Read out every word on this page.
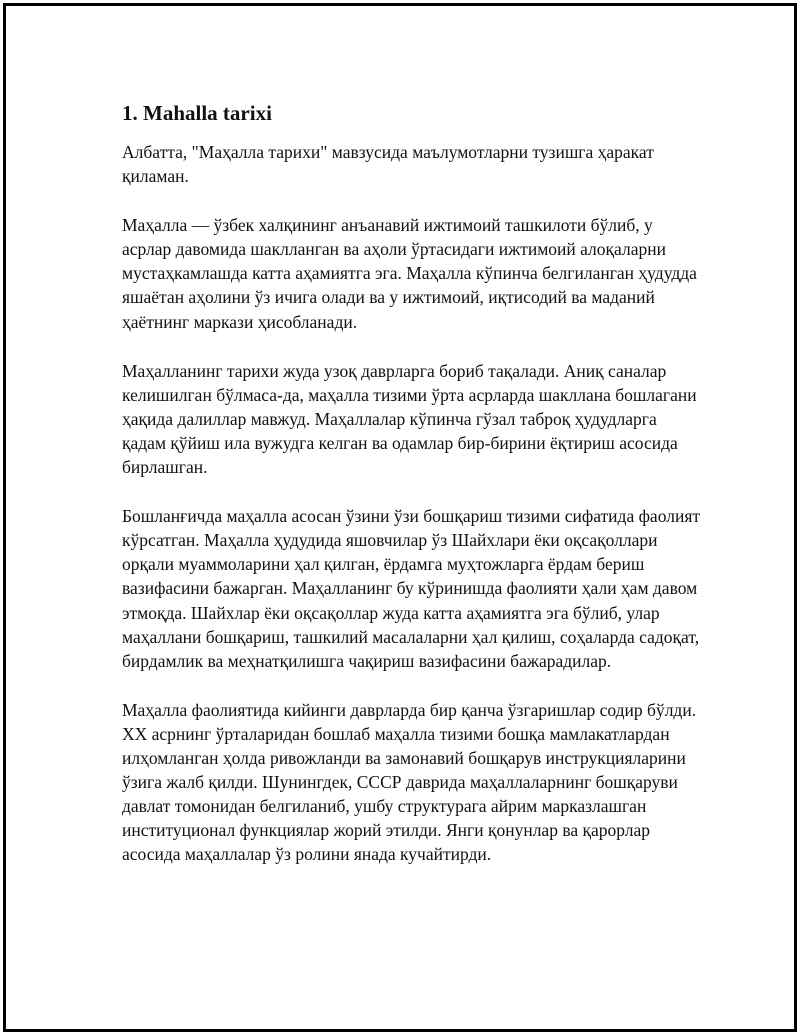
1. Mahalla tarixi

Албатта, "Маҳалла тарихи" мавзусида маълумотларни тузишга ҳаракат қиламан.

Маҳалла — ўзбек халқининг анъанавий ижтимоий ташкилоти бўлиб, у асрлар давомида шаклланган ва аҳоли ўртасидаги ижтимоий алоқаларни мустаҳкамлашда катта аҳамиятга эга. Маҳалла кўпинча белгиланган ҳудудда яшаётан аҳолини ўз ичига олади ва у ижтимоий, иқтисодий ва маданий ҳаётнинг маркази ҳисобланади.

Маҳалланинг тарихи жуда узоқ даврларга бориб тақалади. Аниқ саналар келишилган бўлмаса-да, маҳалла тизими ўрта асрларда шакллана бошлагани ҳақида далиллар мавжуд. Маҳаллалар кўпинча гўзал таброқ ҳудудларга қадам қўйиш ила вужудга келган ва одамлар бир-бирини ёқтириш асосида бирлашган.

Бошланғичда маҳалла асосан ўзини ўзи бошқариш тизими сифатида фаолият кўрсатган. Маҳалла ҳудудида яшовчилар ўз Шайхлари ёки оқсақоллари орқали муаммоларини ҳал қилган, ёрдамга муҳтожларга ёрдам бериш вазифасини бажарган. Маҳалланинг бу кўринишда фаолияти ҳали ҳам давом этмоқда. Шайхлар ёки оқсақоллар жуда катта аҳамиятга эга бўлиб, улар маҳаллани бошқариш, ташкилий масалаларни ҳал қилиш, соҳаларда садоқат, бирдамлик ва меҳнатқилишга чақириш вазифасини бажарадилар.

Маҳалла фаолиятида кийинги даврларда бир қанча ўзгаришлар содир бўлди. XX асрнинг ўрталаридан бошлаб маҳалла тизими бошқа мамлакатлардан илҳомланган ҳолда ривожланди ва замонавий бошқарув инструкцияларини ўзига жалб қилди. Шунингдек, СССР даврида маҳаллаларнинг бошқаруви давлат томонидан белгиланиб, ушбу структурага айрим марказлашган институционал функциялар жорий этилди. Янги қонунлар ва қарорлар асосида маҳаллалар ўз ролини янада кучайтирди.
